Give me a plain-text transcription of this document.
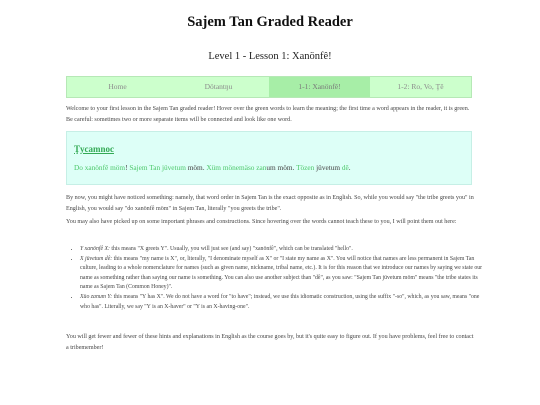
Sajem Tan Graded Reader
Level 1 - Lesson 1: Xanönfê!
Home	Dötantŋu	1-1: Xanönfê!	1-2: Ro, Vo, Ţê
Welcome to your first lesson in the Sajem Tan graded reader! Hover over the green words to learn the meaning; the first time a word appears in the reader, it is green. Be careful: sometimes two or more separate items will be connected and look like one word.
Ţycamnoc
Do xanönfê möm! Sajem Tan jüvetum möm. Xüm mönemäso zanum möm. Tözen jüvetum dê.
By now, you might have noticed something: namely, that word order in Sajem Tan is the exact opposite as in English. So, while you would say "the tribe greets you" in English, you would say "do xanönfê möm" in Sajem Tan, literally "you greets the tribe".
You may also have picked up on some important phrases and constructions. Since hovering over the words cannot teach these to you, I will point them out here:
• Y xanönfê X: this means "X greets Y". Usually, you will just see (and say) "xanönfê", which can be translated "hello".
• X jüvetum dê: this means "my name is X", or, literally, "I denominate myself as X" or "I state my name as X". You will notice that names are less permanent in Sajem Tan culture, leading to a whole nomenclature for names (such as given name, nickname, tribal name, etc.). It is for this reason that we introduce our names by saying we state our name as something rather than saying our name is something. You can also use another subject than "dê", as you saw: "Sajem Tan jüvetum möm" means "the tribe states its name as Sajem Tan (Common Honey)".
• Xüo zanum Y: this means "Y has X". We do not have a word for "to have"; instead, we use this idiomatic construction, using the suffix "-so", which, as you saw, means "one who has". Literally, we say "Y is an X-haver" or "Y is an X-having-one".
You will get fewer and fewer of these hints and explanations in English as the course goes by, but it's quite easy to figure out. If you have problems, feel free to contact a tribemember!
